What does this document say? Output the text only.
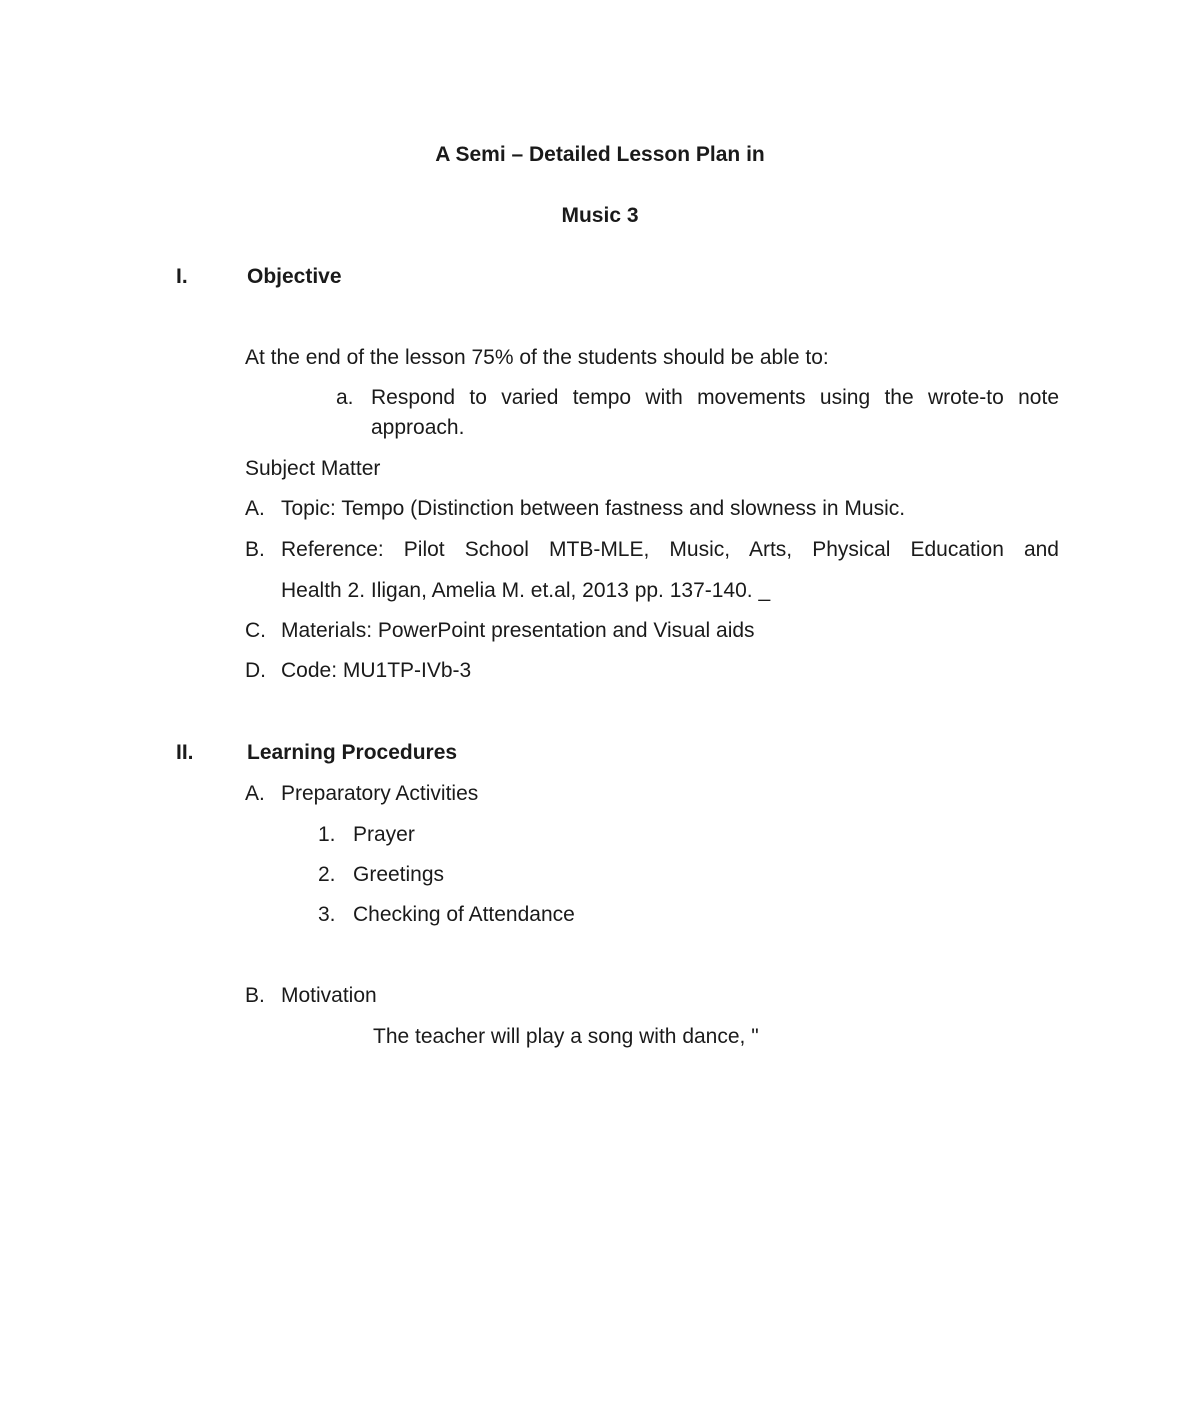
A Semi – Detailed Lesson Plan in
Music 3
I.	Objective
At the end of the lesson 75% of the students should be able to:
a. Respond to varied tempo with movements using the wrote-to note
approach.
Subject Matter
A. Topic: Tempo (Distinction between fastness and slowness in Music.
B. Reference: Pilot School MTB-MLE, Music, Arts, Physical Education and
Health 2. Iligan, Amelia M. et.al, 2013 pp. 137-140. _
C. Materials: PowerPoint presentation and Visual aids
D. Code: MU1TP-IVb-3
II.	Learning Procedures
A. Preparatory Activities
1. Prayer
2. Greetings
3. Checking of Attendance
B. Motivation
The teacher will play a song with dance, "
